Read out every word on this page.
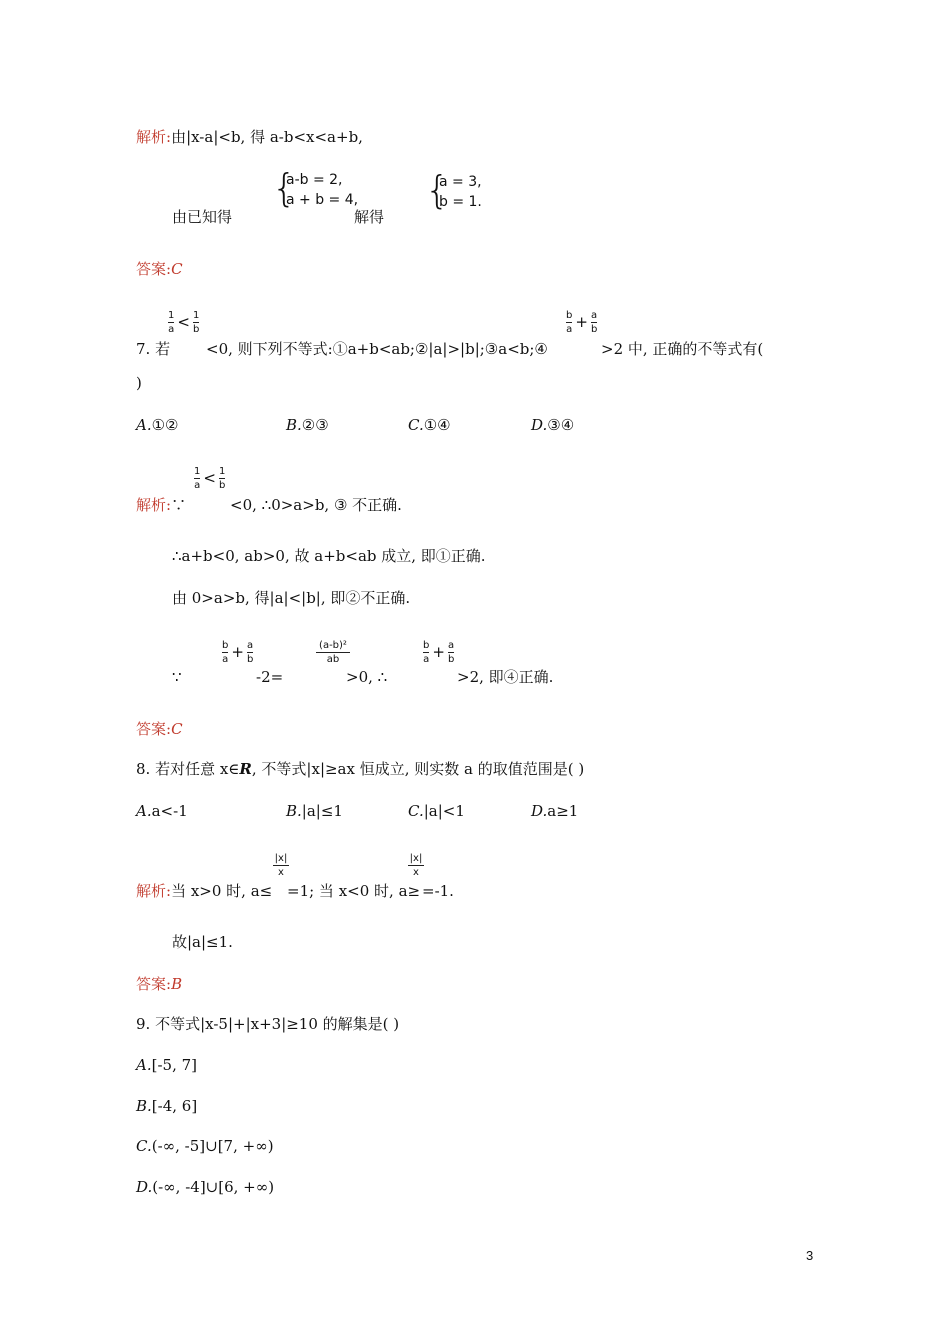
解析:由|x-a|<b, 得 a-b<x<a+b,
由已知得
{
a-b = 2,
a + b = 4,
解得
{
a = 3,
b = 1.
答案:C
$\frac{1}{a} < \frac{1}{b}$	$\frac{b}{a} + \frac{a}{b}$
7. 若 <0, 则下列不等式:①a+b<ab;②|a|>|b|;③a<b;④	>2 中, 正确的不等式有(
)
A.①②	B.②③	C.①④	D.③④
$\frac{1}{a} < \frac{1}{b}$
解析:∵	<0, ∴0>a>b, ③ 不正确.
∴a+b<0, ab>0, 故 a+b<ab 成立, 即①正确.
由 0>a>b, 得|a|<|b|, 即②不正确.
$\frac{b}{a} + \frac{a}{b}$	(a-b)²
ab	$\frac{b}{a} + \frac{a}{b}$
∵	-2=	>0, ∴	>2, 即④正确.
答案:C
8. 若对任意 x∈R, 不等式|x|≥ax 恒成立, 则实数 a 的取值范围是( )
A.a<-1	B.|a|≤1	C.|a|<1	D.a≥1
|x|
x
|x|
x
解析:当 x>0 时, a≤ =1; 当 x<0 时, a≥ =-1.
故|a|≤1.
答案:B
9. 不等式|x-5|+|x+3|≥10 的解集是( )
A.[-5, 7]
B.[-4, 6]
C.(-∞, -5]∪[7, +∞)
D.(-∞, -4]∪[6, +∞)
3
